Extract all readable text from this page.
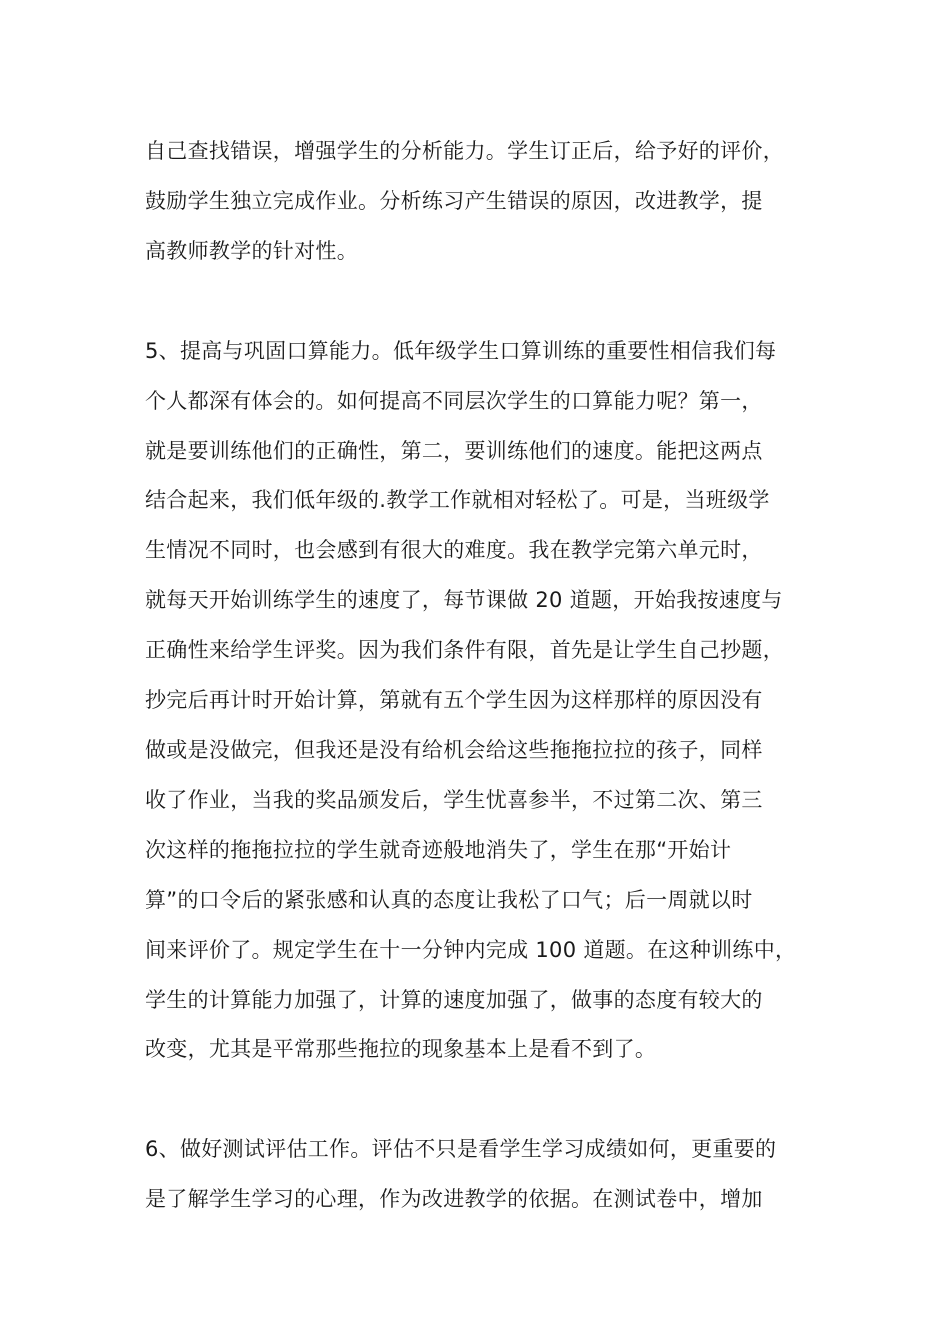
自己查找错误，增强学生的分析能力。学生订正后，给予好的评价，
鼓励学生独立完成作业。分析练习产生错误的原因，改进教学，提
高教师教学的针对性。
5、提高与巩固口算能力。低年级学生口算训练的重要性相信我们每
个人都深有体会的。如何提高不同层次学生的口算能力呢？第一，
就是要训练他们的正确性，第二，要训练他们的速度。能把这两点
结合起来，我们低年级的.教学工作就相对轻松了。可是，当班级学
生情况不同时，也会感到有很大的难度。我在教学完第六单元时，
就每天开始训练学生的速度了，每节课做 20 道题，开始我按速度与
正确性来给学生评奖。因为我们条件有限，首先是让学生自己抄题，
抄完后再计时开始计算，第就有五个学生因为这样那样的原因没有
做或是没做完，但我还是没有给机会给这些拖拖拉拉的孩子，同样
收了作业，当我的奖品颁发后，学生忧喜参半，不过第二次、第三
次这样的拖拖拉拉的学生就奇迹般地消失了，学生在那“开始计
算”的口令后的紧张感和认真的态度让我松了口气；后一周就以时
间来评价了。规定学生在十一分钟内完成 100 道题。在这种训练中，
学生的计算能力加强了，计算的速度加强了，做事的态度有较大的
改变，尤其是平常那些拖拉的现象基本上是看不到了。
6、做好测试评估工作。评估不只是看学生学习成绩如何，更重要的
是了解学生学习的心理，作为改进教学的依据。在测试卷中，增加
